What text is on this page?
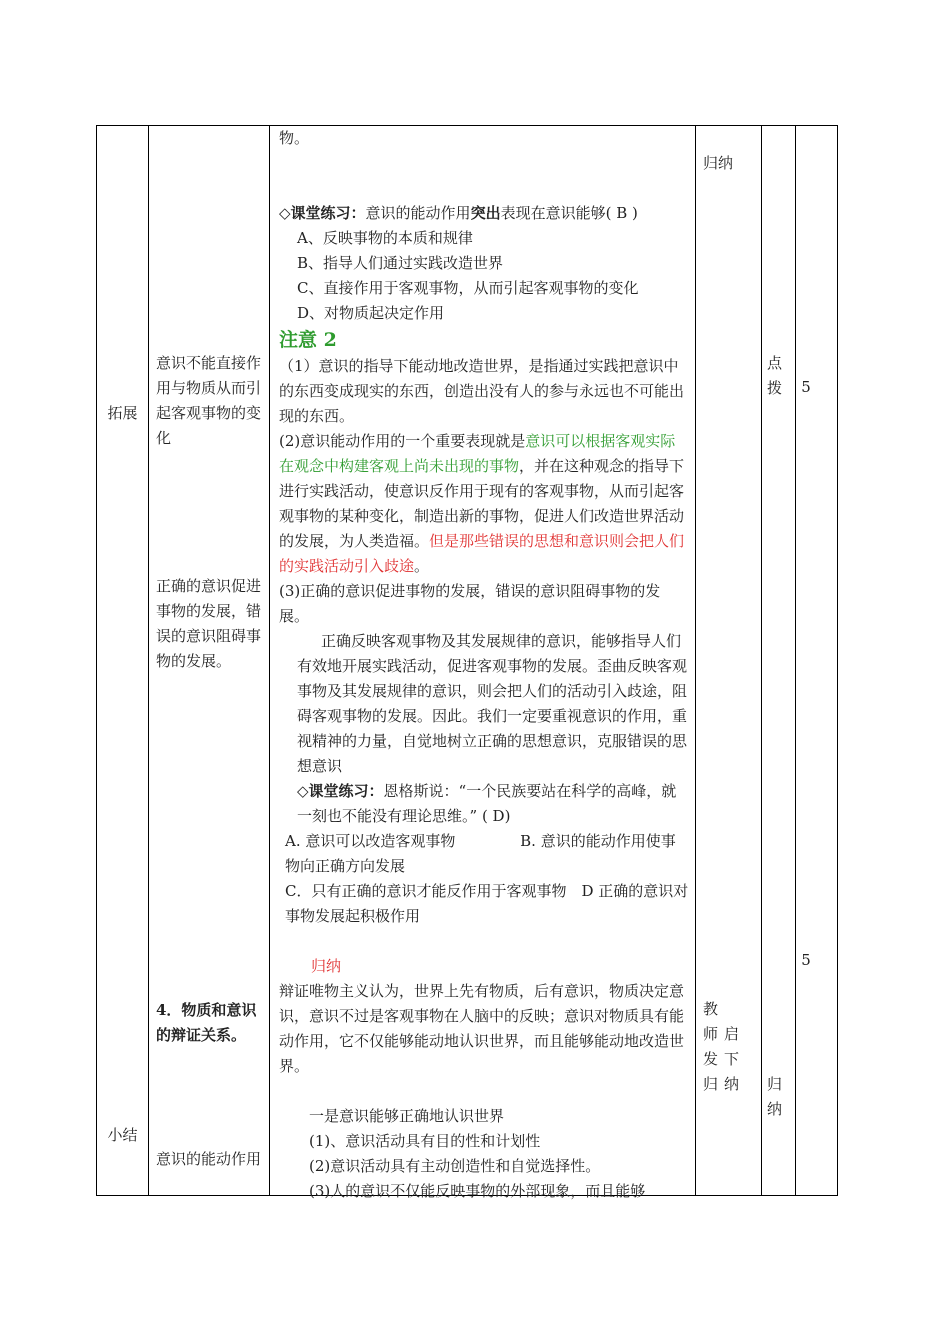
拓展
小结
意识不能直接作用与物质从而引起客观事物的变化
正确的意识促进事物的发展，错误的意识阻碍事物的发展。
4．物质和意识的辩证关系。
意识的能动作用

物。

◇课堂练习：意识的能动作用突出表现在意识能够( B )

A、反映事物的本质和规律

B、指导人们通过实践改造世界

C、直接作用于客观事物，从而引起客观事物的变化

D、对物质起决定作用

注意 2

（1）意识的指导下能动地改造世界，是指通过实践把意识中的东西变成现实的东西，创造出没有人的参与永远也不可能出现的东西。

(2)意识能动作用的一个重要表现就是意识可以根据客观实际在观念中构建客观上尚未出现的事物，并在这种观念的指导下进行实践活动，使意识反作用于现有的客观事物，从而引起客观事物的某种变化，制造出新的事物，促进人们改造世界活动的发展，为人类造福。但是那些错误的思想和意识则会把人们的实践活动引入歧途。

(3)正确的意识促进事物的发展，错误的意识阻碍事物的发展。

正确反映客观事物及其发展规律的意识，能够指导人们有效地开展实践活动，促进客观事物的发展。歪曲反映客观事物及其发展规律的意识，则会把人们的活动引入歧途，阻碍客观事物的发展。因此。我们一定要重视意识的作用，重视精神的力量，自觉地树立正确的思想意识，克服错误的思想意识

◇课堂练习：恩格斯说：“一个民族要站在科学的高峰，就一刻也不能没有理论思维。” ( D)

A. 意识可以改造客观事物　　　　 B. 意识的能动作用使事物向正确方向发展

C．只有正确的意识才能反作用于客观事物　D 正确的意识对事物发展起积极作用

归纳

辩证唯物主义认为，世界上先有物质，后有意识，物质决定意识，意识不过是客观事物在人脑中的反映；意识对物质具有能动作用，它不仅能够能动地认识世界，而且能够能动地改造世界。

一是意识能够正确地认识世界

(1)、意识活动具有目的性和计划性

(2)意识活动具有主动创造性和自觉选择性。

(3)人的意识不仅能反映事物的外部现象，而且能够

归纳
教　师启　发下　归纳
点拨
归纳
5
5
